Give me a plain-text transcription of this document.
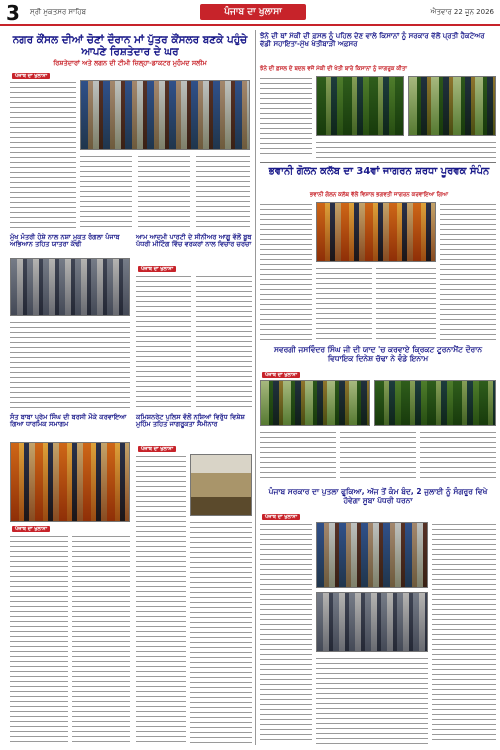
3 ਸ੍ਰੀ ਮੁਕਤਸਰ ਸਾਹਿਬ	ਪੰਜਾਬ ਦਾ ਖੁਲਾਸਾ	ਐਤਵਾਰ 22 ਜੂਨ 2026
ਨਗਰ ਕੌਂਸਲ ਦੀਆਂ ਚੋਣਾਂ ਦੌਰਾਨ ਮਾਂ ਪੁੱਤਰ ਕੌਂਸਲਰ ਬਣਕੇ ਪਹੁੰਚੇ ਆਪਣੇ ਰਿਸ਼ਤੇਦਾਰ ਦੇ ਘਰ
ਰਿਸ਼ਤੇਦਾਰਾਂ ਅਤੇ ਲਗਨ ਦੀ ਟੀਮੀ ਜ਼ਿਲ੍ਹਾ-ਡਾਕਟਰ ਮੁਹੰਮਦ ਸਲੀਮ
ਪੰਜਾਬ ਦਾ ਖੁਲਾਸਾ
ਝੋਨੇ ਦੀ ਥਾਂ ਮੱਕੀ ਦੀ ਫ਼ਸਲ ਨੂੰ ਪਹਿਲ ਦੇਣ ਵਾਲੇ ਕਿਸਾਨਾਂ ਨੂੰ ਸਰਕਾਰ ਵੱਲੋਂ ਪ੍ਰਤੀ ਹੈਕਟੇਅਰ ਵੱਡੀ ਸਹਾਇਤਾ-ਮੁੱਖ ਖੇਤੀਬਾੜੀ ਅਫ਼ਸਰ
ਝੋਨੇ ਦੀ ਫ਼ਸਲ ਦੇ ਬਦਲ ਵਜੋਂ ਮੱਕੀ ਦੀ ਖੇਤੀ ਬਾਰੇ ਕਿਸਾਨਾਂ ਨੂੰ ਜਾਗਰੂਕ ਕੀਤਾ
ਭਵਾਨੀ ਗੋਲਨ ਕਲੱਬ ਦਾ 34ਵਾਂ ਜਾਗਰਨ ਸ਼ਰਧਾ ਪੂਰਵਕ ਸੰਪੰਨ
ਭਵਾਨੀ ਗੋਲਨ ਕਲੱਬ ਵੱਲੋਂ ਵਿਸ਼ਾਲ ਭਗਵਤੀ ਜਾਗਰਨ ਕਰਵਾਇਆ ਗਿਆ
ਮੁੱਖ ਮੰਤਰੀ ਹੋਸ਼ੇ ਨਾਲ ਨਸ਼ਾ ਮੁਕਤ ਰੰਗਲਾ ਪੰਜਾਬ ਅਭਿਆਨ ਤਹਿਤ ਯਾਤਰਾ ਕੱਢੀ
ਆਮ ਆਦਮੀ ਪਾਰਟੀ ਦੇ ਸੀਨੀਅਰ ਆਗੂ ਵੱਲੋਂ ਬੂਥ ਪੱਧਰੀ ਮੀਟਿੰਗ ਵਿੱਚ ਵਰਕਰਾਂ ਨਾਲ ਵਿਚਾਰ ਚਰਚਾ
ਪੰਜਾਬ ਦਾ ਖੁਲਾਸਾ
ਸਵਰਗੀ ਜਸਵਿੰਦਰ ਸਿੰਘ ਜੀ ਦੀ ਯਾਦ 'ਚ ਕਰਵਾਏ ਕ੍ਰਿਕਟ ਟੂਰਨਾਮੈਂਟ ਦੌਰਾਨ ਵਿਧਾਇਕ ਦਿਨੇਸ਼ ਚੱਢਾ ਨੇ ਵੰਡੇ ਇਨਾਮ
ਪੰਜਾਬ ਦਾ ਖੁਲਾਸਾ
ਸੰਤ ਬਾਬਾ ਪ੍ਰੇਮ ਸਿੰਘ ਦੀ ਬਰਸੀ ਮੌਕੇ ਕਰਵਾਇਆ ਗਿਆ ਧਾਰਮਿਕ ਸਮਾਗਮ
ਪੰਜਾਬ ਦਾ ਖੁਲਾਸਾ
ਕਮਿਸ਼ਨਰੇਟ ਪੁਲਿਸ ਵੱਲੋਂ ਨਸ਼ਿਆਂ ਵਿਰੁੱਧ ਵਿਸ਼ੇਸ਼ ਮੁਹਿੰਮ ਤਹਿਤ ਜਾਗਰੂਕਤਾ ਸੈਮੀਨਾਰ
ਪੰਜਾਬ ਦਾ ਖੁਲਾਸਾ
ਪੰਜਾਬ ਸਰਕਾਰ ਦਾ ਪੁਤਲਾ ਫੂਕਿਆ, ਅੱਜ ਤੋਂ ਕੰਮ ਬੰਦ, 2 ਜੁਲਾਈ ਨੂੰ ਸੰਗਰੂਰ ਵਿਖੇ ਹੋਵੇਗਾ ਸੂਬਾ ਪੱਧਰੀ ਧਰਨਾ
ਪੰਜਾਬ ਦਾ ਖੁਲਾਸਾ
